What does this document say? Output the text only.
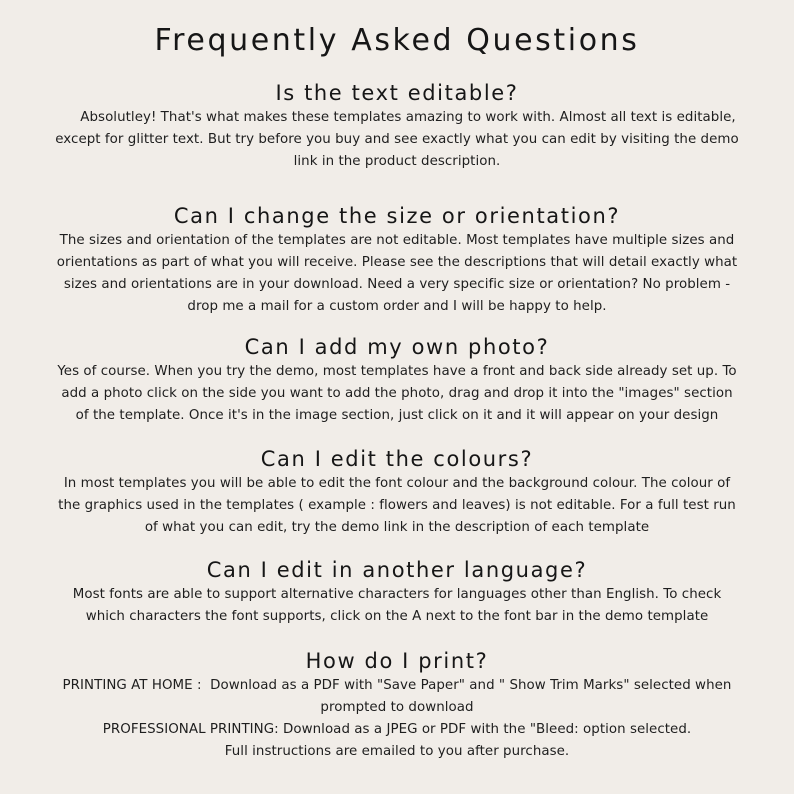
Frequently Asked Questions
Is the text editable?

Absolutley! That's what makes these templates amazing to work with. Almost all text is editable,
except for glitter text. But try before you buy and see exactly what you can edit by visiting the demo
link in the product description.

Can I change the size or orientation?

The sizes and orientation of the templates are not editable. Most templates have multiple sizes and
orientations as part of what you will receive. Please see the descriptions that will detail exactly what
sizes and orientations are in your download. Need a very specific size or orientation? No problem -
drop me a mail for a custom order and I will be happy to help.

Can I add my own photo?

Yes of course. When you try the demo, most templates have a front and back side already set up. To
add a photo click on the side you want to add the photo, drag and drop it into the "images" section
of the template. Once it's in the image section, just click on it and it will appear on your design

Can I edit the colours?

In most templates you will be able to edit the font colour and the background colour. The colour of
the graphics used in the templates ( example : flowers and leaves) is not editable. For a full test run
of what you can edit, try the demo link in the description of each template

Can I edit in another language?

Most fonts are able to support alternative characters for languages other than English. To check
which characters the font supports, click on the A next to the font bar in the demo template

How do I print?

PRINTING AT HOME :  Download as a PDF with "Save Paper" and " Show Trim Marks" selected when
prompted to download
PROFESSIONAL PRINTING: Download as a JPEG or PDF with the "Bleed: option selected.
Full instructions are emailed to you after purchase.
